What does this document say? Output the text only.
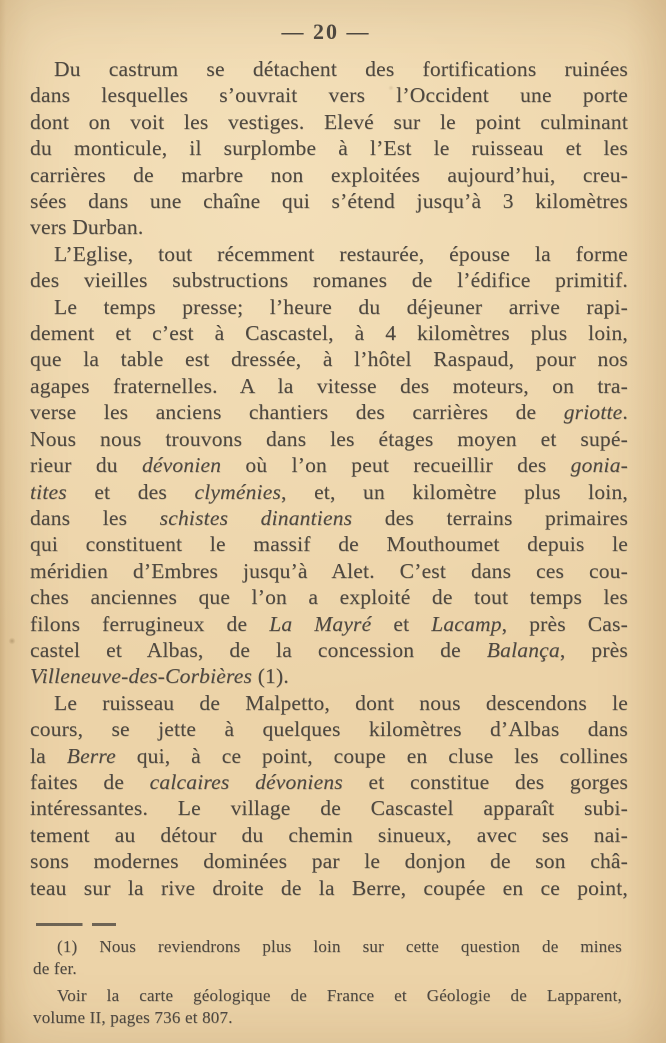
— 20 —
Du castrum se détachent des fortifications ruinées
dans lesquelles s’ouvrait vers l’Occident une porte
dont on voit les vestiges. Elevé sur le point culminant
du monticule, il surplombe à l’Est le ruisseau et les
carrières de marbre non exploitées aujourd’hui, creu-
sées dans une chaîne qui s’étend jusqu’à 3 kilomètres
vers Durban.
L’Eglise, tout récemment restaurée, épouse la forme
des vieilles substructions romanes de l’édifice primitif.
Le temps presse; l’heure du déjeuner arrive rapi-
dement et c’est à Cascastel, à 4 kilomètres plus loin,
que la table est dressée, à l’hôtel Raspaud, pour nos
agapes fraternelles. A la vitesse des moteurs, on tra-
verse les anciens chantiers des carrières de griotte.
Nous nous trouvons dans les étages moyen et supé-
rieur du dévonien où l’on peut recueillir des gonia-
tites et des clyménies, et, un kilomètre plus loin,
dans les schistes dinantiens des terrains primaires
qui constituent le massif de Mouthoumet depuis le
méridien d’Embres jusqu’à Alet. C’est dans ces cou-
ches anciennes que l’on a exploité de tout temps les
filons ferrugineux de La Mayré et Lacamp, près Cas-
castel et Albas, de la concession de Balança, près
Villeneuve-des-Corbières (1).
Le ruisseau de Malpetto, dont nous descendons le
cours, se jette à quelques kilomètres d’Albas dans
la Berre qui, à ce point, coupe en cluse les collines
faites de calcaires dévoniens et constitue des gorges
intéressantes. Le village de Cascastel apparaît subi-
tement au détour du chemin sinueux, avec ses nai-
sons modernes dominées par le donjon de son châ-
teau sur la rive droite de la Berre, coupée en ce point,
(1) Nous reviendrons plus loin sur cette question de mines
de fer.
Voir la carte géologique de France et Géologie de Lapparent,
volume II, pages 736 et 807.
